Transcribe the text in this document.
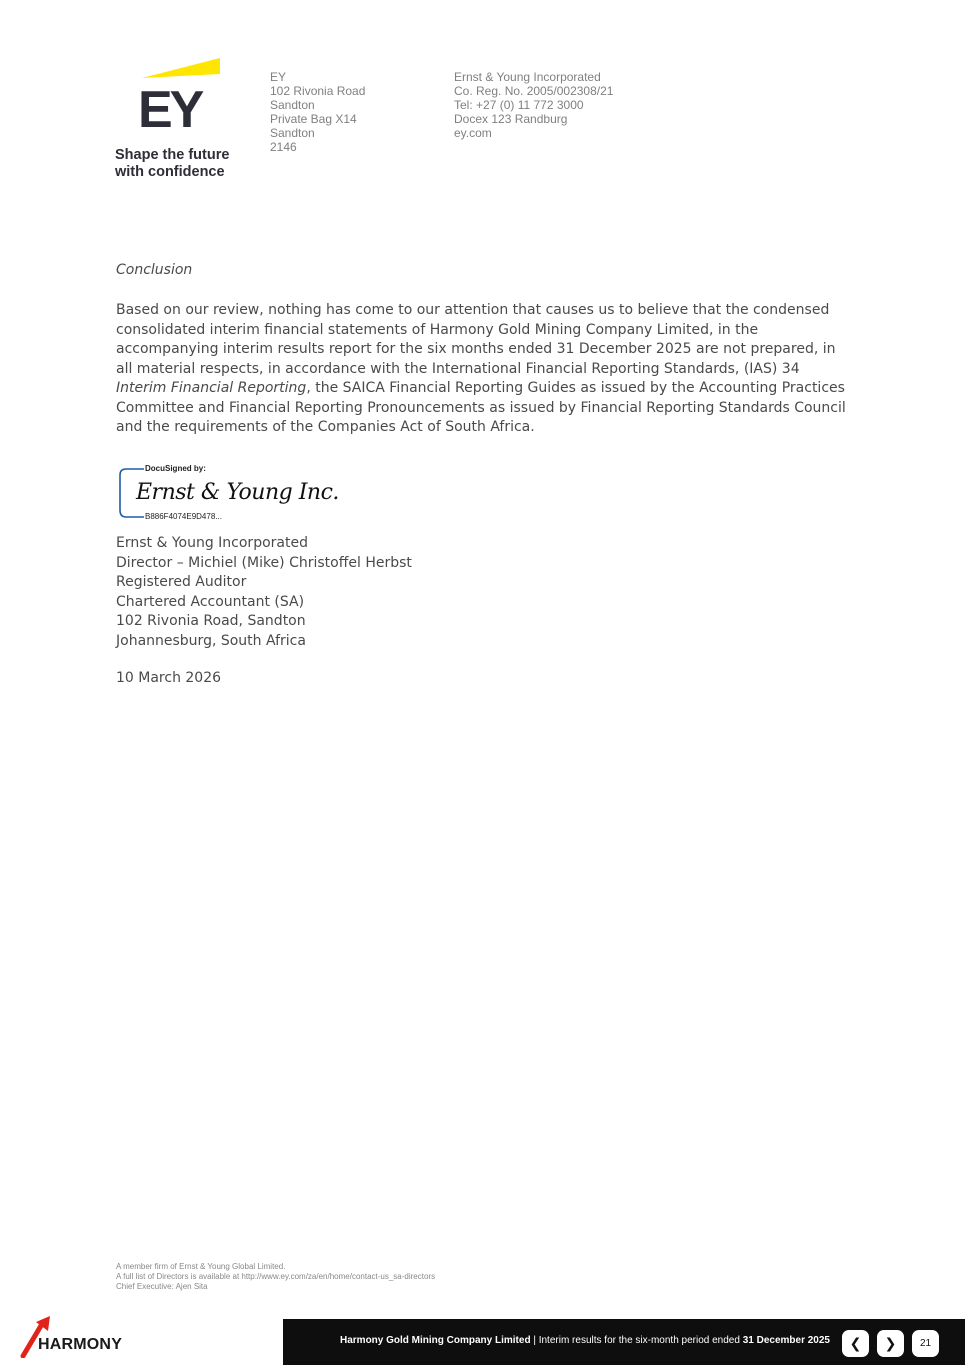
EY
Shape the future
with confidence
EY
102 Rivonia Road
Sandton
Private Bag X14
Sandton
2146
Ernst & Young Incorporated
Co. Reg. No. 2005/002308/21
Tel: +27 (0) 11 772 3000
Docex 123 Randburg
ey.com
Conclusion
Based on our review, nothing has come to our attention that causes us to believe that the condensed consolidated interim financial statements of Harmony Gold Mining Company Limited, in the accompanying interim results report for the six months ended 31 December 2025 are not prepared, in all material respects, in accordance with the International Financial Reporting Standards, (IAS) 34 Interim Financial Reporting, the SAICA Financial Reporting Guides as issued by the Accounting Practices Committee and Financial Reporting Pronouncements as issued by Financial Reporting Standards Council and the requirements of the Companies Act of South Africa.
DocuSigned by:
Ernst & Young Inc.
B886F4074E9D478...
Ernst & Young Incorporated
Director – Michiel (Mike) Christoffel Herbst
Registered Auditor
Chartered Accountant (SA)
102 Rivonia Road, Sandton
Johannesburg, South Africa
10 March 2026
A member firm of Ernst & Young Global Limited.
A full list of Directors is available at http://www.ey.com/za/en/home/contact-us_sa-directors
Chief Executive: Ajen Sita
HARMONY	Harmony Gold Mining Company Limited | Interim results for the six-month period ended 31 December 2025 ❮ ❯	21
